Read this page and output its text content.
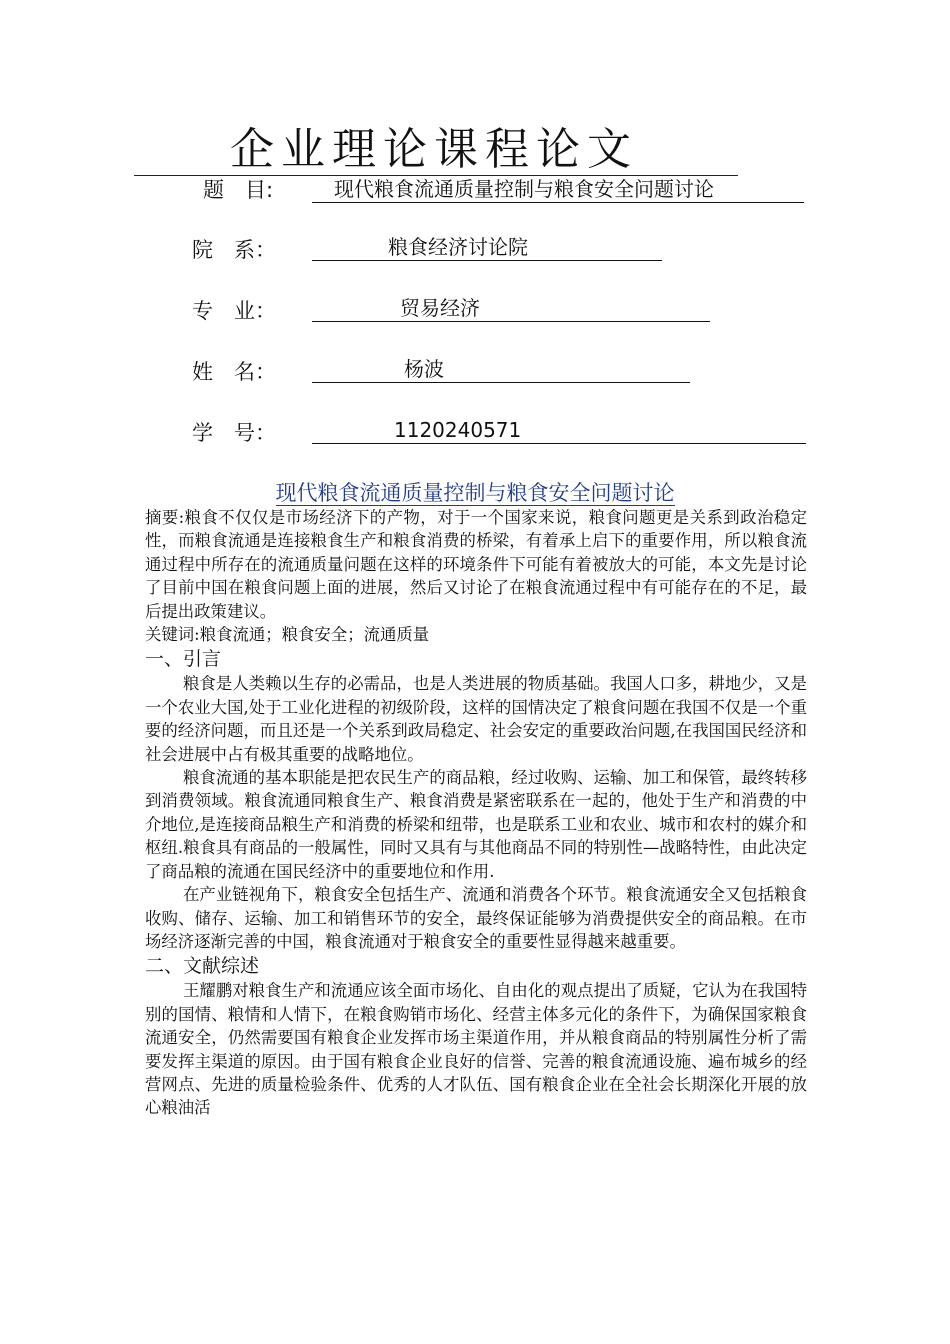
企业理论课程论文
题　目:	现代粮食流通质量控制与粮食安全问题讨论
院　系：	粮食经济讨论院
专　业：	贸易经济
姓　名：	杨波
学　号：	1120240571
现代粮食流通质量控制与粮食安全问题讨论

摘要:粮食不仅仅是市场经济下的产物，对于一个国家来说，粮食问题更是关系到政治稳定性，而粮食流通是连接粮食生产和粮食消费的桥梁，有着承上启下的重要作用，所以粮食流通过程中所存在的流通质量问题在这样的环境条件下可能有着被放大的可能，本文先是讨论了目前中国在粮食问题上面的进展，然后又讨论了在粮食流通过程中有可能存在的不足，最后提出政策建议。

关键词:粮食流通；粮食安全；流通质量

一、引言

粮食是人类赖以生存的必需品，也是人类进展的物质基础。我国人口多，耕地少，又是一个农业大国,处于工业化进程的初级阶段，这样的国情决定了粮食问题在我国不仅是一个重要的经济问题，而且还是一个关系到政局稳定、社会安定的重要政治问题,在我国国民经济和社会进展中占有极其重要的战略地位。

粮食流通的基本职能是把农民生产的商品粮，经过收购、运输、加工和保管，最终转移到消费领域。粮食流通同粮食生产、粮食消费是紧密联系在一起的，他处于生产和消费的中介地位,是连接商品粮生产和消费的桥梁和纽带，也是联系工业和农业、城市和农村的媒介和枢纽.粮食具有商品的一般属性，同时又具有与其他商品不同的特别性—战略特性，由此决定了商品粮的流通在国民经济中的重要地位和作用.

在产业链视角下，粮食安全包括生产、流通和消费各个环节。粮食流通安全又包括粮食收购、储存、运输、加工和销售环节的安全，最终保证能够为消费提供安全的商品粮。在市场经济逐渐完善的中国，粮食流通对于粮食安全的重要性显得越来越重要。

二、文献综述

王耀鹏对粮食生产和流通应该全面市场化、自由化的观点提出了质疑，它认为在我国特别的国情、粮情和人情下，在粮食购销市场化、经营主体多元化的条件下，为确保国家粮食流通安全，仍然需要国有粮食企业发挥市场主渠道作用，并从粮食商品的特别属性分析了需要发挥主渠道的原因。由于国有粮食企业良好的信誉、完善的粮食流通设施、遍布城乡的经营网点、先进的质量检验条件、优秀的人才队伍、国有粮食企业在全社会长期深化开展的放心粮油活
